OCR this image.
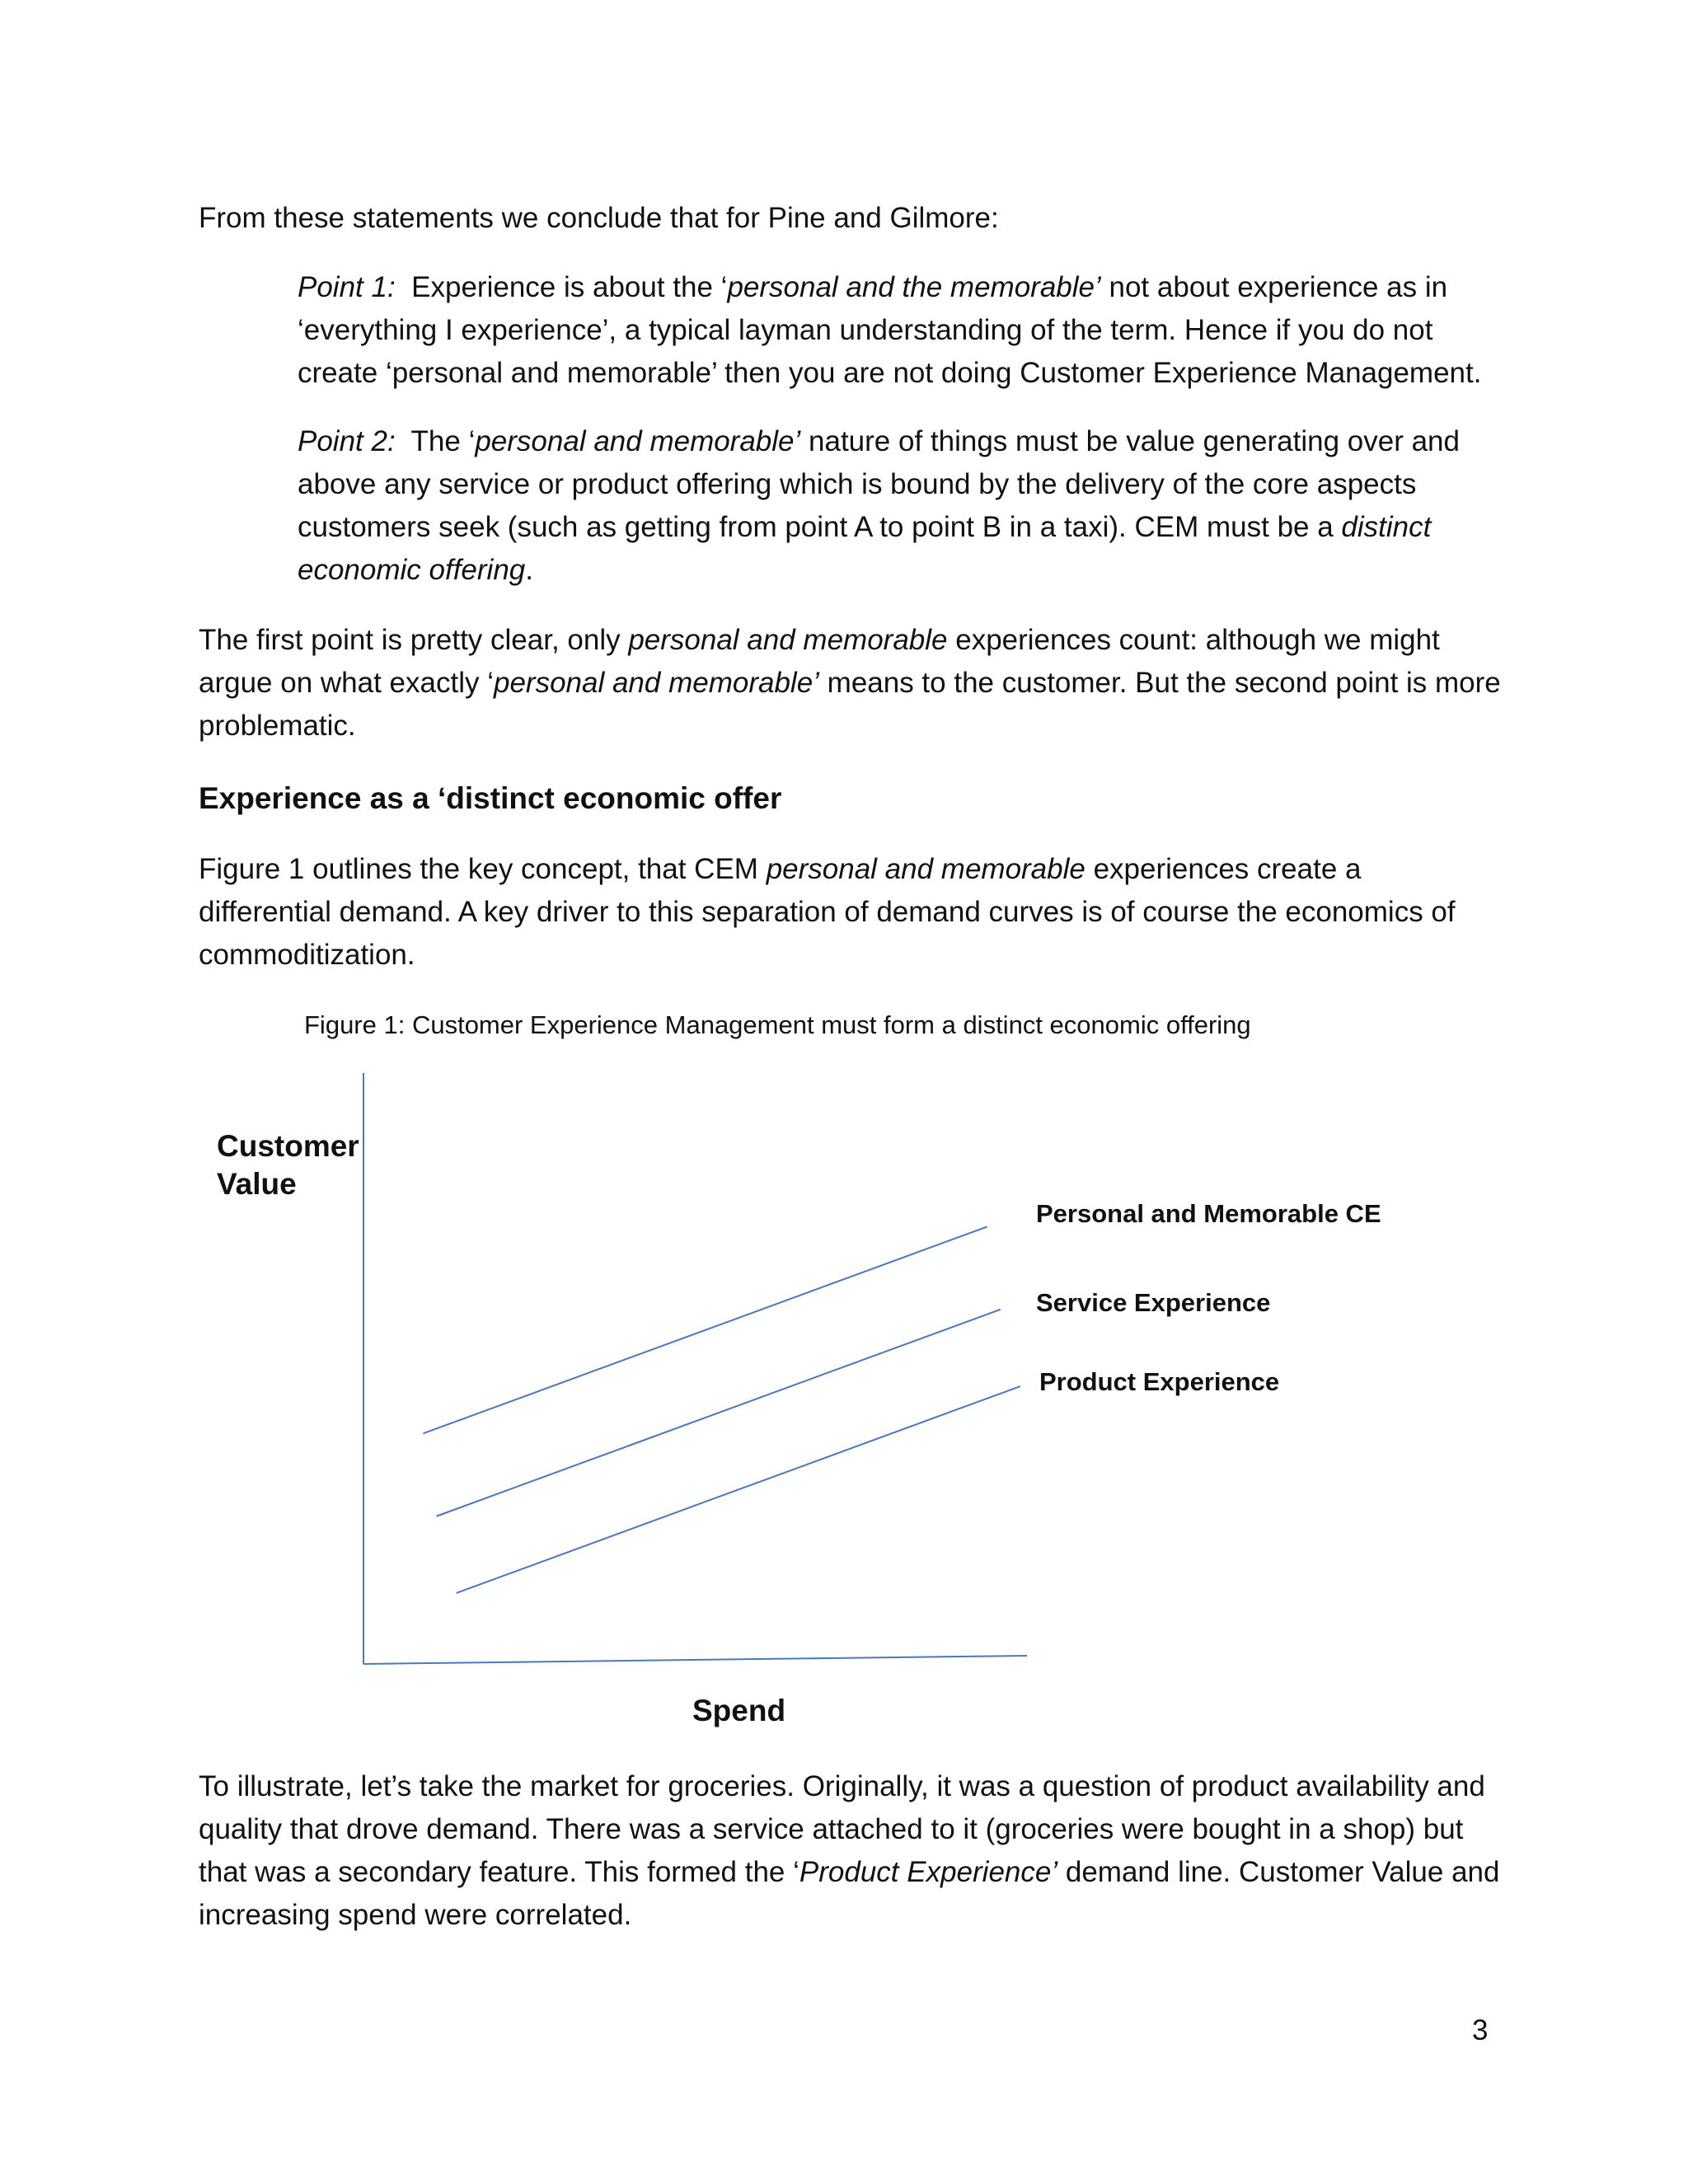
From these statements we conclude that for Pine and Gilmore:

Point 1: Experience is about the ‘personal and the memorable’ not about experience as in ‘everything I experience’, a typical layman understanding of the term. Hence if you do not create ‘personal and memorable’ then you are not doing Customer Experience Management.

Point 2: The ‘personal and memorable’ nature of things must be value generating over and above any service or product offering which is bound by the delivery of the core aspects customers seek (such as getting from point A to point B in a taxi). CEM must be a distinct economic offering.

The first point is pretty clear, only personal and memorable experiences count: although we might argue on what exactly ‘personal and memorable’ means to the customer. But the second point is more problematic.

Experience as a ‘distinct economic offer

Figure 1 outlines the key concept, that CEM personal and memorable experiences create a differential demand. A key driver to this separation of demand curves is of course the economics of commoditization.

Figure 1: Customer Experience Management must form a distinct economic offering

Customer
Value

Spend

Personal and Memorable CE

Service Experience

Product Experience

To illustrate, let’s take the market for groceries. Originally, it was a question of product availability and quality that drove demand. There was a service attached to it (groceries were bought in a shop) but that was a secondary feature. This formed the ‘Product Experience’ demand line. Customer Value and increasing spend were correlated.

3
